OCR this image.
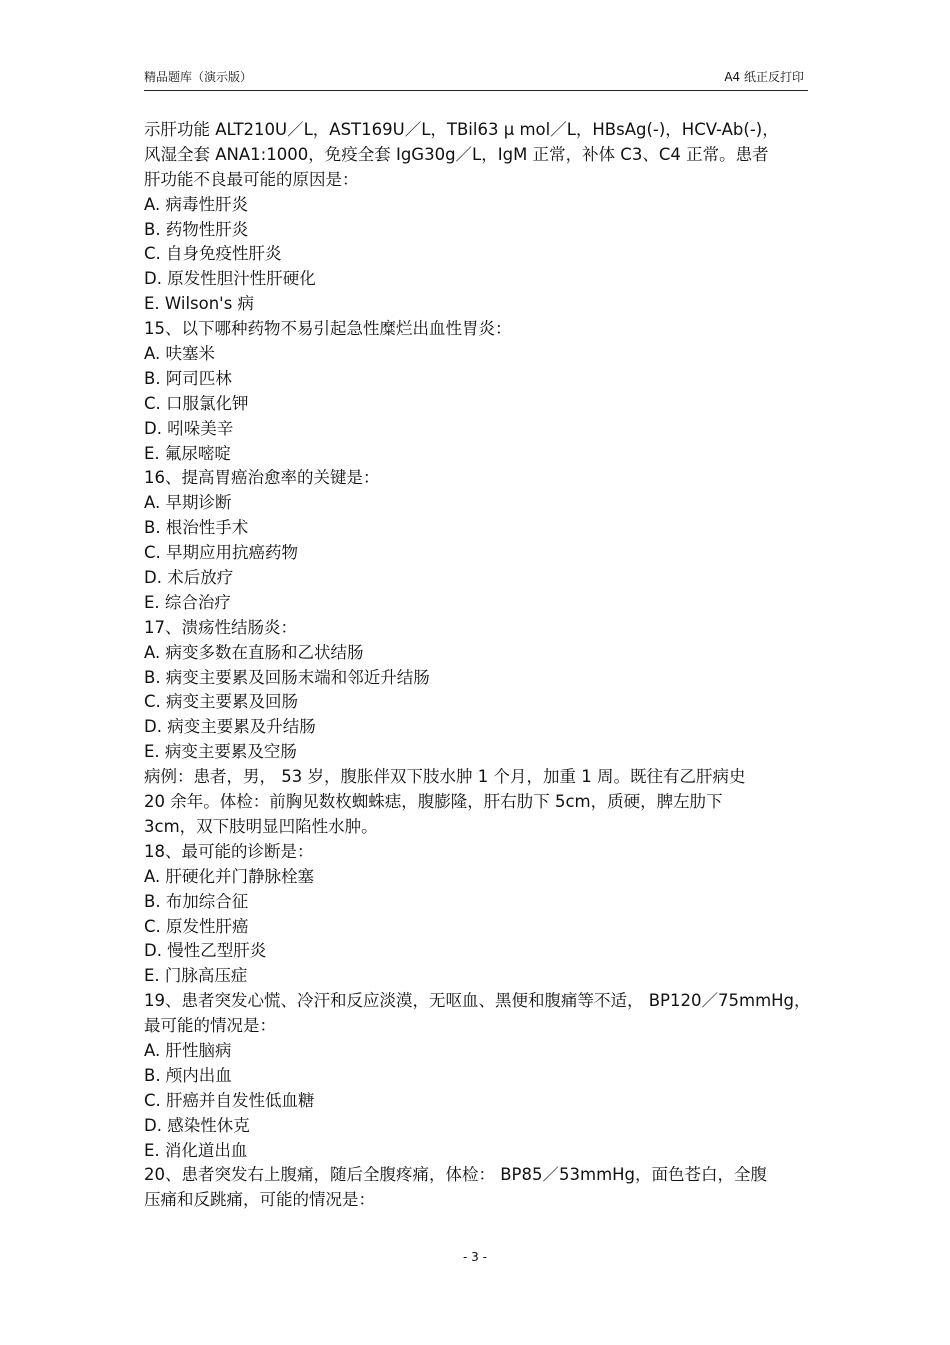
精品题库（演示版）	A4 纸正反打印
示肝功能 ALT210U／L，AST169U／L，TBil63 μ mol／L，HBsAg(-)，HCV-Ab(-)，
风湿全套 ANA1:1000，免疫全套 IgG30g／L，IgM 正常，补体 C3、C4 正常。患者
肝功能不良最可能的原因是：
A. 病毒性肝炎
B. 药物性肝炎
C. 自身免疫性肝炎
D. 原发性胆汁性肝硬化
E. Wilson's 病
15、以下哪种药物不易引起急性糜烂出血性胃炎：
A. 呋塞米
B. 阿司匹林
C. 口服氯化钾
D. 吲哚美辛
E. 氟尿嘧啶
16、提高胃癌治愈率的关键是：
A. 早期诊断
B. 根治性手术
C. 早期应用抗癌药物
D. 术后放疗
E. 综合治疗
17、溃疡性结肠炎：
A. 病变多数在直肠和乙状结肠
B. 病变主要累及回肠末端和邻近升结肠
C. 病变主要累及回肠
D. 病变主要累及升结肠
E. 病变主要累及空肠
病例：患者，男， 53 岁，腹胀伴双下肢水肿 1 个月，加重 1 周。既往有乙肝病史
20 余年。体检：前胸见数枚蜘蛛痣，腹膨隆，肝右肋下 5cm，质硬，脾左肋下
3cm，双下肢明显凹陷性水肿。
18、最可能的诊断是：
A. 肝硬化并门静脉栓塞
B. 布加综合征
C. 原发性肝癌
D. 慢性乙型肝炎
E. 门脉高压症
19、患者突发心慌、冷汗和反应淡漠，无呕血、黑便和腹痛等不适， BP120／75mmHg，
最可能的情况是：
A. 肝性脑病
B. 颅内出血
C. 肝癌并自发性低血糖
D. 感染性休克
E. 消化道出血
20、患者突发右上腹痛，随后全腹疼痛，体检： BP85／53mmHg，面色苍白，全腹
压痛和反跳痛，可能的情况是：
- 3 -
